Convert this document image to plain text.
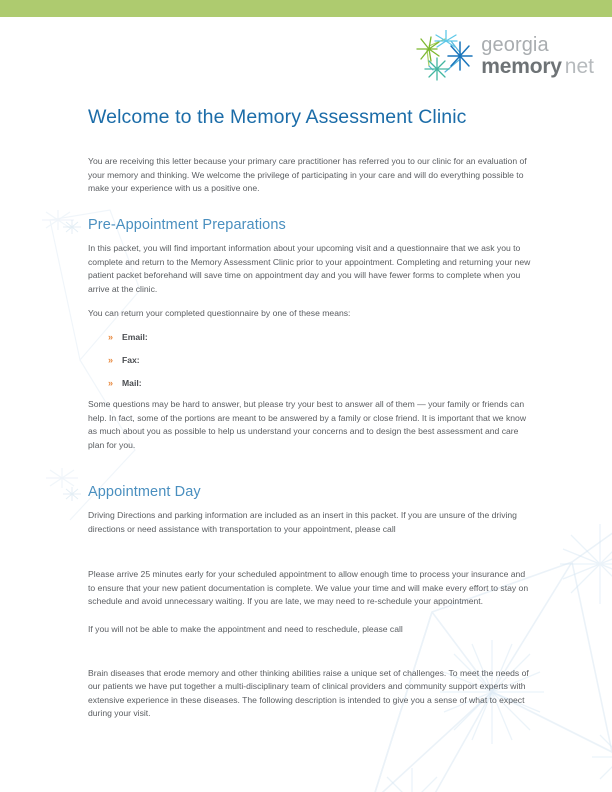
georgia
memory net
Welcome to the Memory Assessment Clinic

You are receiving this letter because your primary care practitioner has referred you to our clinic for an evaluation of your memory and thinking. We welcome the privilege of participating in your care and will do everything possible to make your experience with us a positive one.

Pre-Appointment Preparations

In this packet, you will find important information about your upcoming visit and a questionnaire that we ask you to complete and return to the Memory Assessment Clinic prior to your appointment. Completing and returning your new patient packet beforehand will save time on appointment day and you will have fewer forms to complete when you arrive at the clinic.

You can return your completed questionnaire by one of these means:

»	Email:
»	Fax:
»	Mail:

Some questions may be hard to answer, but please try your best to answer all of them — your family or friends can help. In fact, some of the portions are meant to be answered by a family or close friend. It is important that we know as much about you as possible to help us understand your concerns and to design the best assessment and care plan for you.

Appointment Day

Driving Directions and parking information are included as an insert in this packet. If you are unsure of the driving directions or need assistance with transportation to your appointment, please call

Please arrive 25 minutes early for your scheduled appointment to allow enough time to process your insurance and to ensure that your new patient documentation is complete. We value your time and will make every effort to stay on schedule and avoid unnecessary waiting. If you are late, we may need to re-schedule your appointment.

If you will not be able to make the appointment and need to reschedule, please call

Brain diseases that erode memory and other thinking abilities raise a unique set of challenges. To meet the needs of our patients we have put together a multi-disciplinary team of clinical providers and community support experts with extensive experience in these diseases. The following description is intended to give you a sense of what to expect during your visit.
